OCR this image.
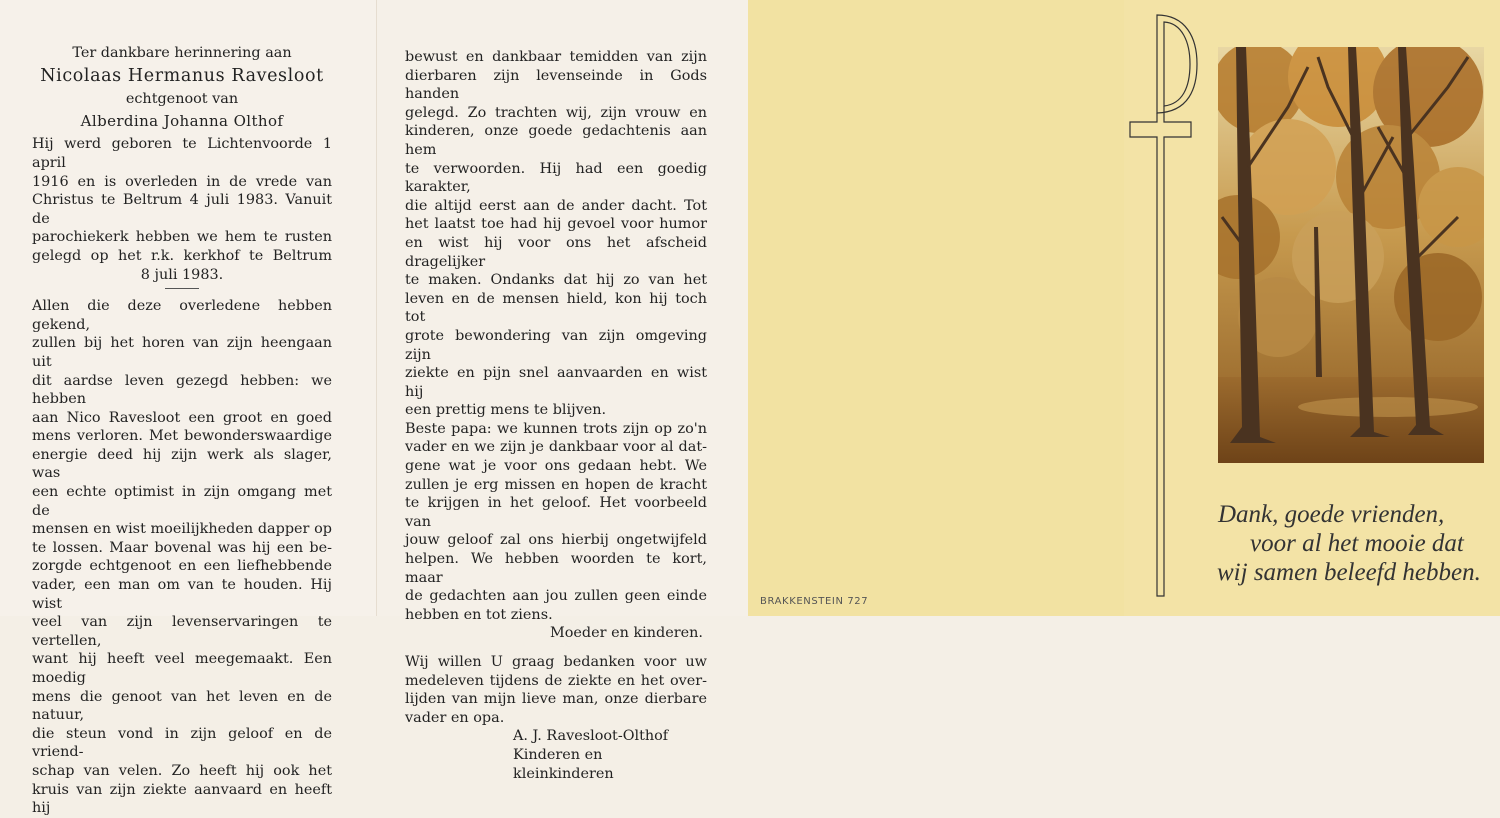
Ter dankbare herinnering aan
Nicolaas Hermanus Ravesloot
echtgenoot van
Alberdina Johanna Olthof
Hij werd geboren te Lichtenvoorde 1 april
1916 en is overleden in de vrede van
Christus te Beltrum 4 juli 1983. Vanuit de
parochiekerk hebben we hem te rusten
gelegd op het r.k. kerkhof te Beltrum
8 juli 1983.
Allen die deze overledene hebben gekend,
zullen bij het horen van zijn heengaan uit
dit aardse leven gezegd hebben: we hebben
aan Nico Ravesloot een groot en goed
mens verloren. Met bewonderswaardige
energie deed hij zijn werk als slager, was
een echte optimist in zijn omgang met de
mensen en wist moeilijkheden dapper op
te lossen. Maar bovenal was hij een be-
zorgde echtgenoot en een liefhebbende
vader, een man om van te houden. Hij wist
veel van zijn levenservaringen te vertellen,
want hij heeft veel meegemaakt. Een moedig
mens die genoot van het leven en de natuur,
die steun vond in zijn geloof en de vriend-
schap van velen. Zo heeft hij ook het
kruis van zijn ziekte aanvaard en heeft hij
bewust en dankbaar temidden van zijn
dierbaren zijn levenseinde in Gods handen
gelegd. Zo trachten wij, zijn vrouw en
kinderen, onze goede gedachtenis aan hem
te verwoorden. Hij had een goedig karakter,
die altijd eerst aan de ander dacht. Tot
het laatst toe had hij gevoel voor humor
en wist hij voor ons het afscheid dragelijker
te maken. Ondanks dat hij zo van het
leven en de mensen hield, kon hij toch tot
grote bewondering van zijn omgeving zijn
ziekte en pijn snel aanvaarden en wist hij
een prettig mens te blijven.
Beste papa: we kunnen trots zijn op zo'n
vader en we zijn je dankbaar voor al dat-
gene wat je voor ons gedaan hebt. We
zullen je erg missen en hopen de kracht
te krijgen in het geloof. Het voorbeeld van
jouw geloof zal ons hierbij ongetwijfeld
helpen. We hebben woorden te kort, maar
de gedachten aan jou zullen geen einde
hebben en tot ziens.
Moeder en kinderen.
Wij willen U graag bedanken voor uw
medeleven tijdens de ziekte en het over-
lijden van mijn lieve man, onze dierbare
vader en opa.
A. J. Ravesloot-Olthof
Kinderen en kleinkinderen
BRAKKENSTEIN 727
Dank, goede vrienden,
voor al het mooie dat
wij samen beleefd hebben.
